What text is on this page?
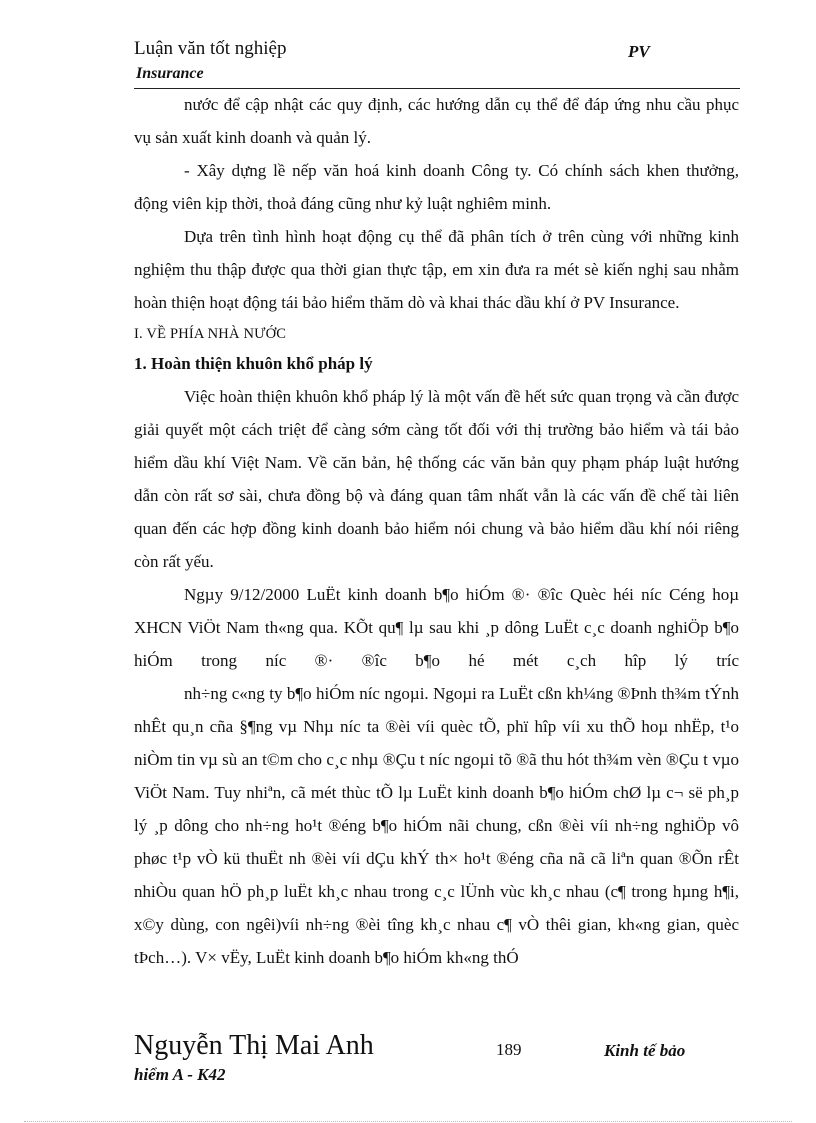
Luận văn tốt nghiệp	PV
Insurance

nước để cập nhật các quy định, các hướng dẫn cụ thể để đáp ứng nhu cầu phục vụ sản xuất kinh doanh và quản lý.

- Xây dựng lề nếp văn hoá kinh doanh Công ty. Có chính sách khen thưởng, động viên kịp thời, thoả đáng cũng như kỷ luật nghiêm minh.

Dựa trên tình hình hoạt động cụ thể đã phân tích ở trên cùng với những kinh nghiệm thu thập được qua thời gian thực tập, em xin đưa ra mét sè kiến nghị sau nhằm hoàn thiện hoạt động tái bảo hiểm thăm dò và khai thác dầu khí ở PV Insurance.

I. VỀ PHÍA NHÀ NƯỚC

1. Hoàn thiện khuôn khổ pháp lý

Việc hoàn thiện khuôn khổ pháp lý là một vấn đề hết sức quan trọng và cần được giải quyết một cách triệt để càng sớm càng tốt đối với thị trường bảo hiểm và tái bảo hiểm dầu khí Việt Nam. Về căn bản, hệ thống các văn bản quy phạm pháp luật hướng dẫn còn rất sơ sài, chưa đồng bộ và đáng quan tâm nhất vẫn là các vấn đề chế tài liên quan đến các hợp đồng kinh doanh bảo hiểm nói chung và bảo hiểm dầu khí nói riêng còn rất yếu.

Ngµy 9/12/2000 LuËt kinh doanh b¶o hiÓm ®· ®îc Quèc héi níc Céng hoµ XHCN ViÖt Nam th«ng qua. KÕt qu¶ lµ sau khi ¸p dông LuËt c¸c doanh nghiÖp b¶o hiÓm trong níc ®· ®îc b¶o hé mét c¸ch hîp lý tríc

nh÷ng c«ng ty b¶o hiÓm níc ngoµi. Ngoµi ra LuËt cßn kh¼ng ®Þnh th¾m tÝnh nhÊt qu¸n cña §¶ng vµ Nhµ níc ta ®èi víi quèc tÕ, phï hîp víi xu thÕ hoµ nhËp, t¹o niÒm tin vµ sù an t©m cho c¸c nhµ ®Çu t níc ngoµi tõ ®ã thu hót th¾m vèn ®Çu t vµo ViÖt Nam. Tuy nhiªn, cã mét thùc tÕ lµ LuËt kinh doanh b¶o hiÓm chØ lµ c¬ së ph¸p lý ¸p dông cho nh÷ng ho¹t ®éng b¶o hiÓm nãi chung, cßn ®èi víi nh÷ng nghiÖp vô phøc t¹p vÒ kü thuËt nh ®èi víi dÇu khÝ th× ho¹t ®éng cña nã cã liªn quan ®Õn rÊt nhiÒu quan hÖ ph¸p luËt kh¸c nhau trong c¸c lÜnh vùc kh¸c nhau (c¶ trong hµng h¶i, x©y dùng, con ngêi)víi nh÷ng ®èi tîng kh¸c nhau c¶ vÒ thêi gian, kh«ng gian, quèc tÞch…). V× vËy, LuËt kinh doanh b¶o hiÓm kh«ng thÓ

Nguyễn Thị Mai Anh	189	Kinh tế bảo
hiểm A - K42
